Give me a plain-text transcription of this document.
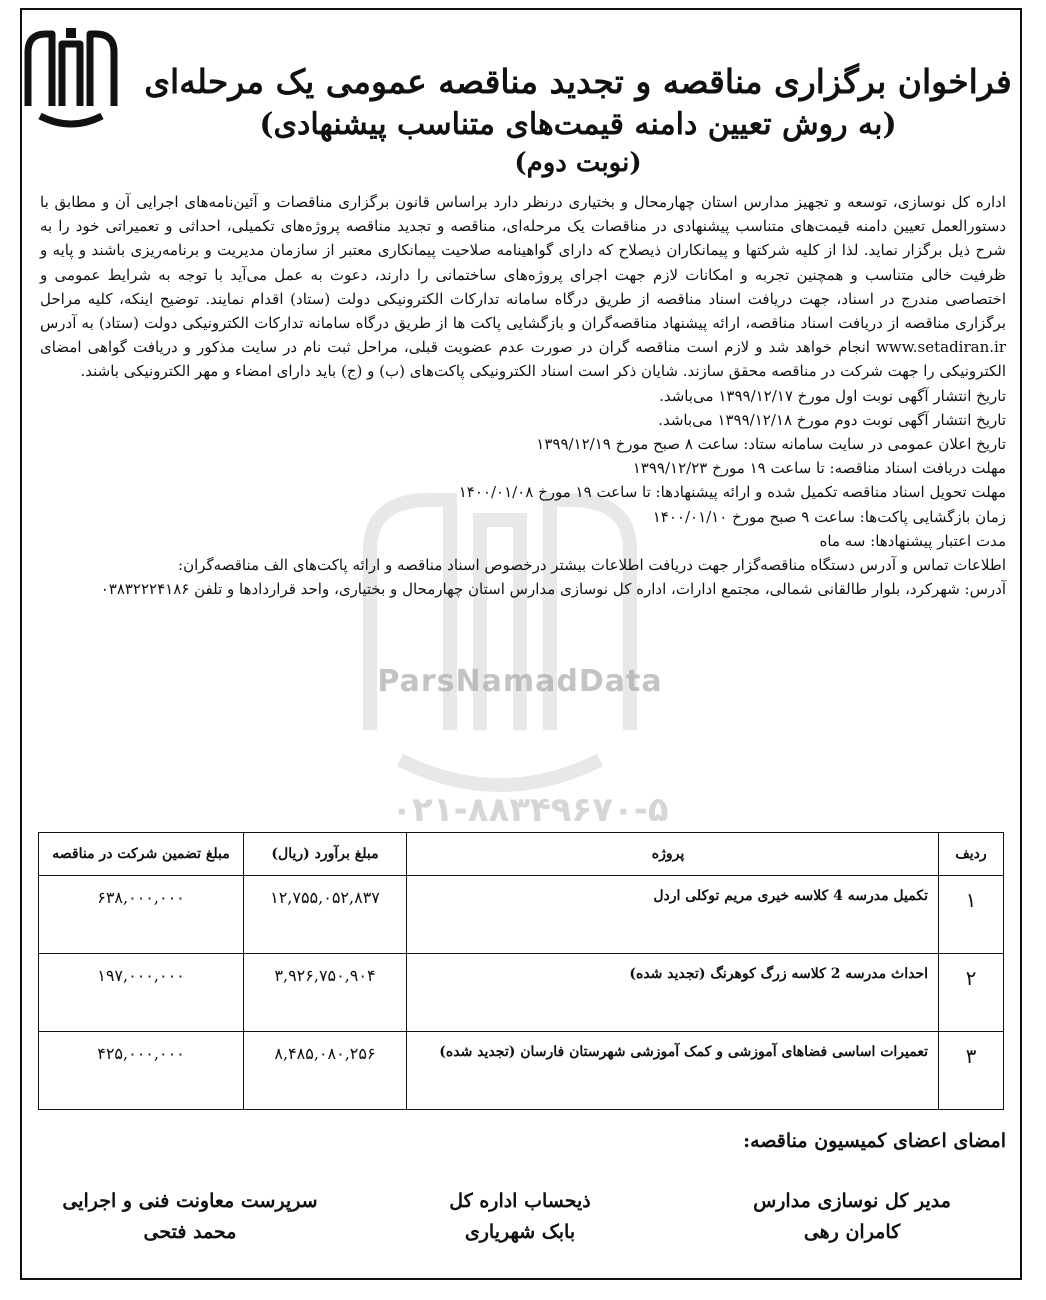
فراخوان برگزاری مناقصه و تجدید مناقصه عمومی یک مرحله‌ای
(به روش تعیین دامنه قیمت‌های متناسب پیشنهادی)
(نوبت دوم)
ParsNamadData
۰۲۱-۸۸۳۴۹۶۷۰-۵

اداره کل نوسازی، توسعه و تجهیز مدارس استان چهارمحال و بختیاری درنظر دارد براساس قانون برگزاری مناقصات و آئین‌نامه‌های اجرایی آن و مطابق با دستورالعمل تعیین دامنه قیمت‌های متناسب پیشنهادی در مناقصات یک مرحله‌ای، مناقصه و تجدید مناقصه پروژه‌های تکمیلی، احداثی و تعمیراتی خود را به شرح ذیل برگزار نماید. لذا از کلیه شرکتها و پیمانکاران ذیصلاح که دارای گواهینامه صلاحیت پیمانکاری معتبر از سازمان مدیریت و برنامه‌ریزی باشند و پایه و ظرفیت خالی متناسب و همچنین تجربه و امکانات لازم جهت اجرای پروژه‌های ساختمانی را دارند، دعوت به عمل می‌آید با توجه به شرایط عمومی و اختصاصی مندرج در اسناد، جهت دریافت اسناد مناقصه از طریق درگاه سامانه تدارکات الکترونیکی دولت (ستاد) اقدام نمایند. توضیح اینکه، کلیه مراحل برگزاری مناقصه از دریافت اسناد مناقصه، ارائه پیشنهاد مناقصه‌گران و بازگشایی پاکت ها از طریق درگاه سامانه تدارکات الکترونیکی دولت (ستاد) به آدرس www.setadiran.ir انجام خواهد شد و لازم است مناقصه گران در صورت عدم عضویت قبلی، مراحل ثبت نام در سایت مذکور و دریافت گواهی امضای الکترونیکی را جهت شرکت در مناقصه محقق سازند. شایان ذکر است اسناد الکترونیکی پاکت‌های (ب) و (ج) باید دارای امضاء و مهر الکترونیکی باشند.

تاریخ انتشار آگهی نوبت اول مورخ ۱۳۹۹/۱۲/۱۷ می‌باشد.

تاریخ انتشار آگهی نوبت دوم مورخ ۱۳۹۹/۱۲/۱۸ می‌باشد.

تاریخ اعلان عمومی در سایت سامانه ستاد: ساعت ۸ صبح مورخ ۱۳۹۹/۱۲/۱۹

مهلت دریافت اسناد مناقصه: تا ساعت ۱۹ مورخ ۱۳۹۹/۱۲/۲۳

مهلت تحویل اسناد مناقصه تکمیل شده و ارائه پیشنهادها: تا ساعت ۱۹ مورخ ۱۴۰۰/۰۱/۰۸

زمان بازگشایی پاکت‌ها: ساعت ۹ صبح مورخ ۱۴۰۰/۰۱/۱۰

مدت اعتبار پیشنهادها: سه ماه

اطلاعات تماس و آدرس دستگاه مناقصه‌گزار جهت دریافت اطلاعات بیشتر درخصوص اسناد مناقصه و ارائه پاکت‌های الف مناقصه‌گران:

آدرس: شهرکرد، بلوار طالقانی شمالی، مجتمع ادارات، اداره کل نوسازی مدارس استان چهارمحال و بختیاری، واحد قراردادها و تلفن ۰۳۸۳۲۲۲۴۱۸۶

ردیف	پروژه	مبلغ برآورد (ریال)	مبلغ تضمین شرکت در مناقصه
۱	تکمیل مدرسه 4 کلاسه خیری مریم توکلی اردل	۱۲,۷۵۵,۰۵۲,۸۳۷	۶۳۸,۰۰۰,۰۰۰
۲	احداث مدرسه 2 کلاسه زرگ کوهرنگ (تجدید شده)	۳,۹۲۶,۷۵۰,۹۰۴	۱۹۷,۰۰۰,۰۰۰
۳	تعمیرات اساسی فضاهای آموزشی و کمک آموزشی شهرستان فارسان (تجدید شده)	۸,۴۸۵,۰۸۰,۲۵۶	۴۲۵,۰۰۰,۰۰۰
امضای اعضای کمیسیون مناقصه:
مدیر کل نوسازی مدارس
کامران رهی
ذیحساب اداره کل
بابک شهریاری
سرپرست معاونت فنی و اجرایی
محمد فتحی
